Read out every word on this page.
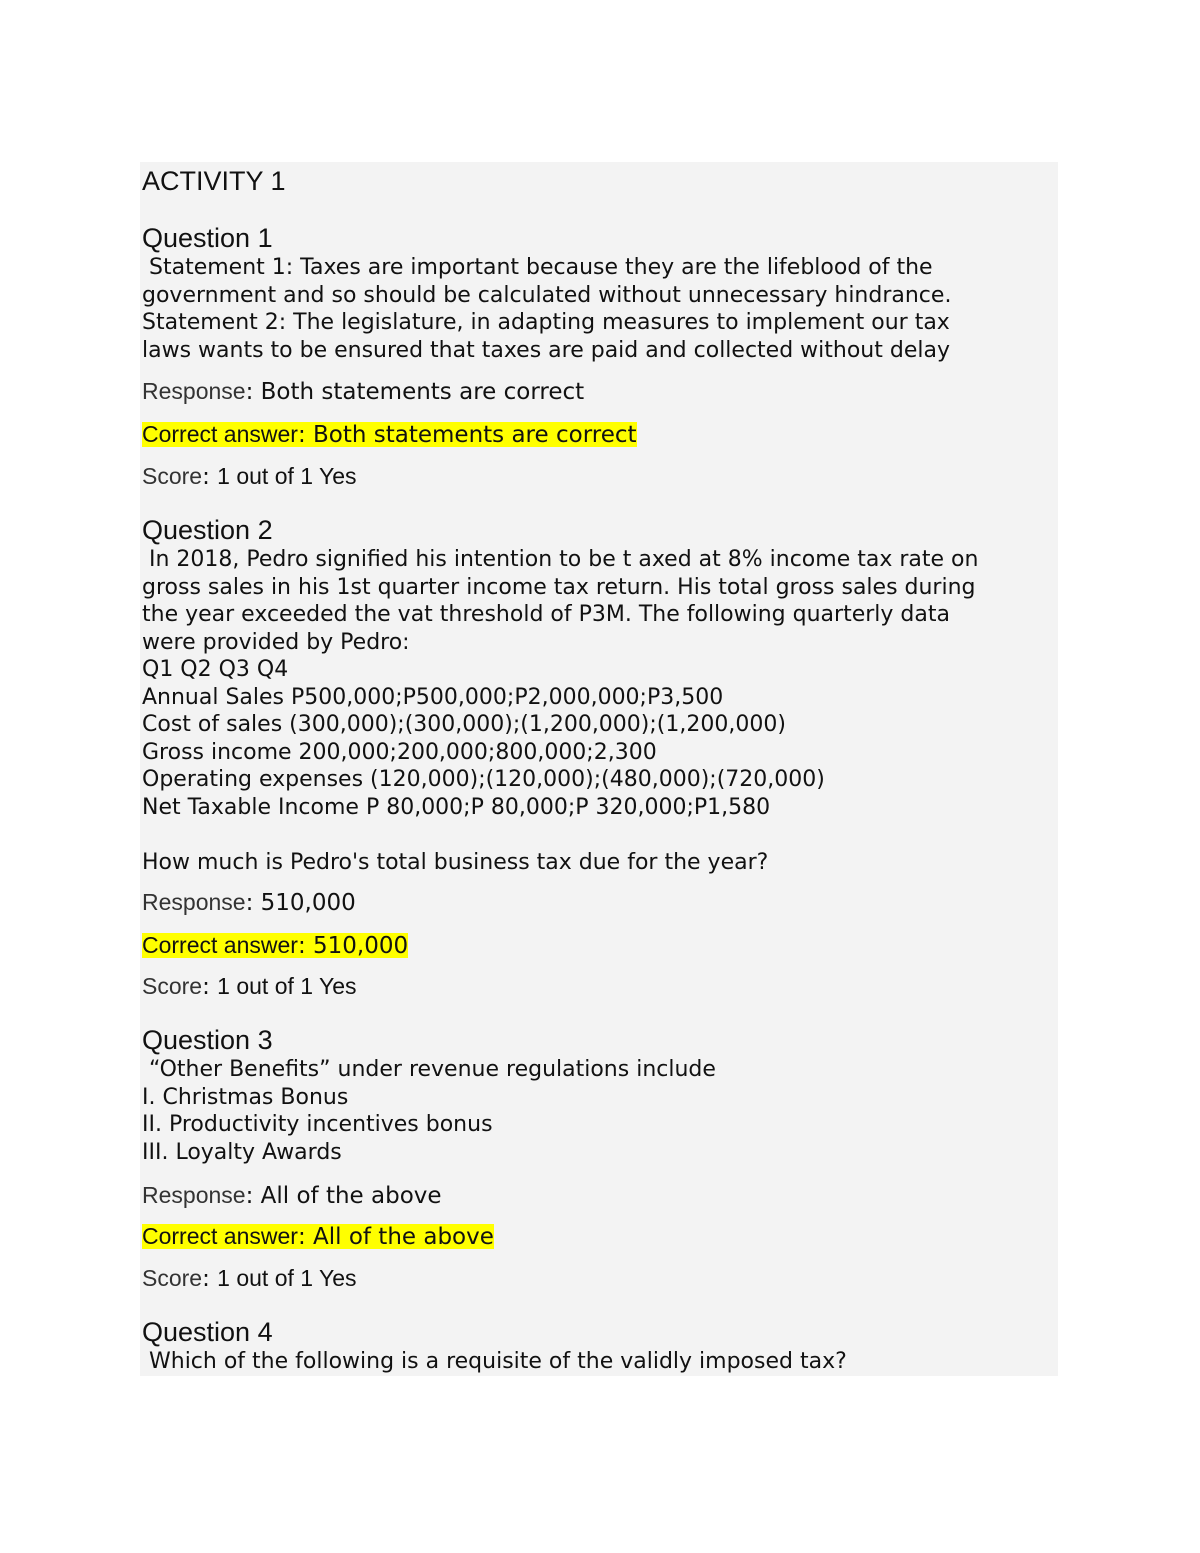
ACTIVITY 1
Question 1

Statement 1: Taxes are important because they are the lifeblood of the
government and so should be calculated without unnecessary hindrance.
Statement 2: The legislature, in adapting measures to implement our tax
laws wants to be ensured that taxes are paid and collected without delay

Response: Both statements are correct
Correct answer: Both statements are correct
Score: 1 out of 1 Yes
Question 2

In 2018, Pedro signified his intention to be t axed at 8% income tax rate on
gross sales in his 1st quarter income tax return. His total gross sales during
the year exceeded the vat threshold of P3M. The following quarterly data
were provided by Pedro:
Q1 Q2 Q3 Q4
Annual Sales P500,000;P500,000;P2,000,000;P3,500
Cost of sales (300,000);(300,000);(1,200,000);(1,200,000)
Gross income 200,000;200,000;800,000;2,300
Operating expenses (120,000);(120,000);(480,000);(720,000)
Net Taxable Income P 80,000;P 80,000;P 320,000;P1,580

How much is Pedro's total business tax due for the year?

Response: 510,000
Correct answer: 510,000
Score: 1 out of 1 Yes
Question 3

“Other Benefits” under revenue regulations include
I. Christmas Bonus
II. Productivity incentives bonus
III. Loyalty Awards

Response: All of the above
Correct answer: All of the above
Score: 1 out of 1 Yes
Question 4

Which of the following is a requisite of the validly imposed tax?
